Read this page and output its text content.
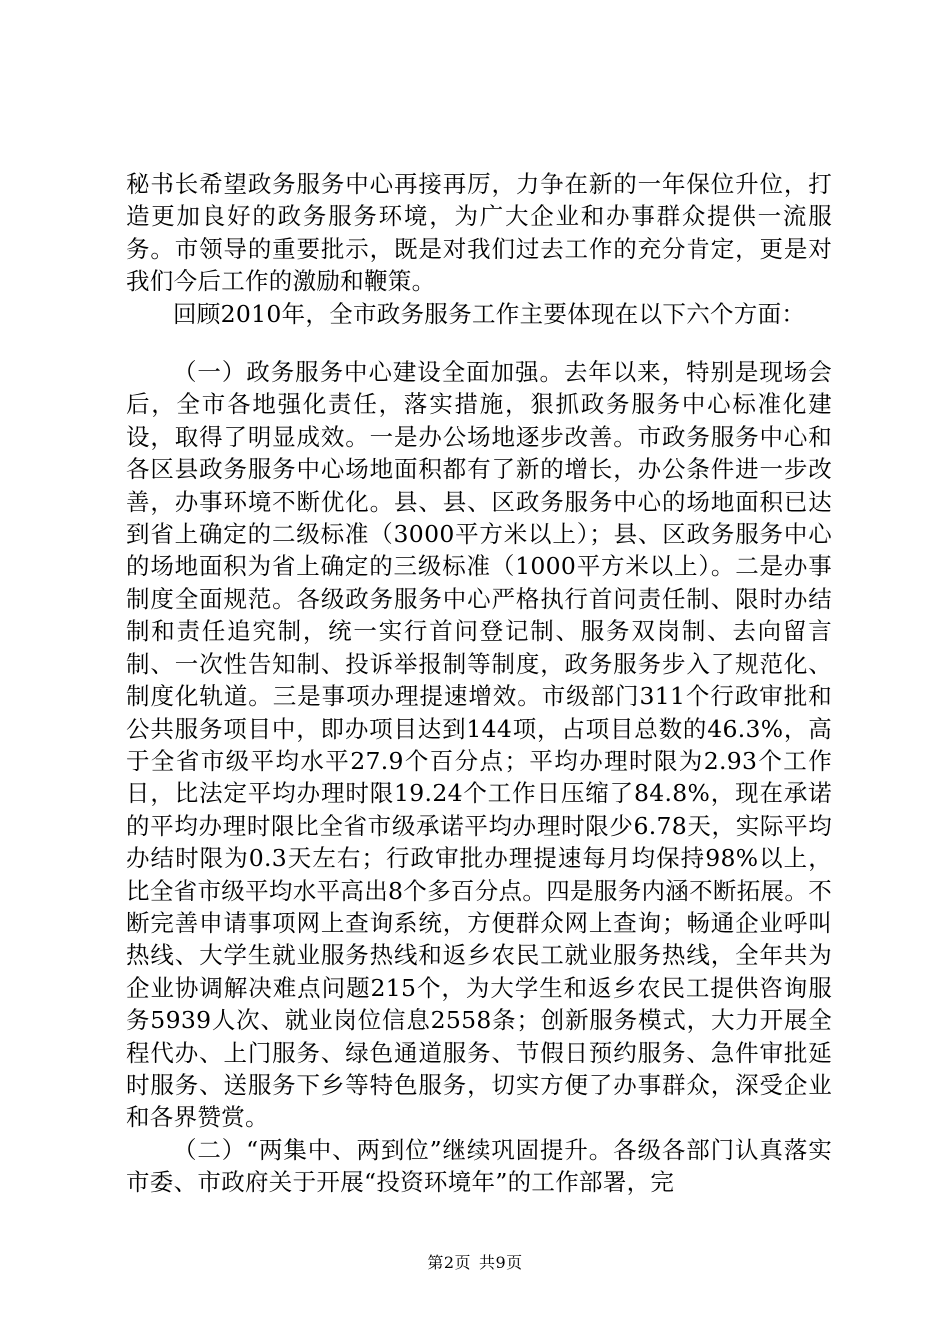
秘书长希望政务服务中心再接再厉，力争在新的一年保位升位，打造更加良好的政务服务环境，为广大企业和办事群众提供一流服务。市领导的重要批示，既是对我们过去工作的充分肯定，更是对我们今后工作的激励和鞭策。

回顾2010年，全市政务服务工作主要体现在以下六个方面：

（一）政务服务中心建设全面加强。去年以来，特别是现场会后，全市各地强化责任，落实措施，狠抓政务服务中心标准化建设，取得了明显成效。一是办公场地逐步改善。市政务服务中心和各区县政务服务中心场地面积都有了新的增长，办公条件进一步改善，办事环境不断优化。县、县、区政务服务中心的场地面积已达到省上确定的二级标准（3000平方米以上）；县、区政务服务中心的场地面积为省上确定的三级标准（1000平方米以上）。二是办事制度全面规范。各级政务服务中心严格执行首问责任制、限时办结制和责任追究制，统一实行首问登记制、服务双岗制、去向留言制、一次性告知制、投诉举报制等制度，政务服务步入了规范化、制度化轨道。三是事项办理提速增效。市级部门311个行政审批和公共服务项目中，即办项目达到144项，占项目总数的46.3%，高于全省市级平均水平27.9个百分点；平均办理时限为2.93个工作日，比法定平均办理时限19.24个工作日压缩了84.8%，现在承诺的平均办理时限比全省市级承诺平均办理时限少6.78天，实际平均办结时限为0.3天左右；行政审批办理提速每月均保持98%以上，比全省市级平均水平高出8个多百分点。四是服务内涵不断拓展。不断完善申请事项网上查询系统，方便群众网上查询；畅通企业呼叫热线、大学生就业服务热线和返乡农民工就业服务热线，全年共为企业协调解决难点问题215个，为大学生和返乡农民工提供咨询服务5939人次、就业岗位信息2558条；创新服务模式，大力开展全程代办、上门服务、绿色通道服务、节假日预约服务、急件审批延时服务、送服务下乡等特色服务，切实方便了办事群众，深受企业和各界赞赏。

（二）“两集中、两到位”继续巩固提升。各级各部门认真落实市委、市政府关于开展“投资环境年”的工作部署，完

第2页 共9页
